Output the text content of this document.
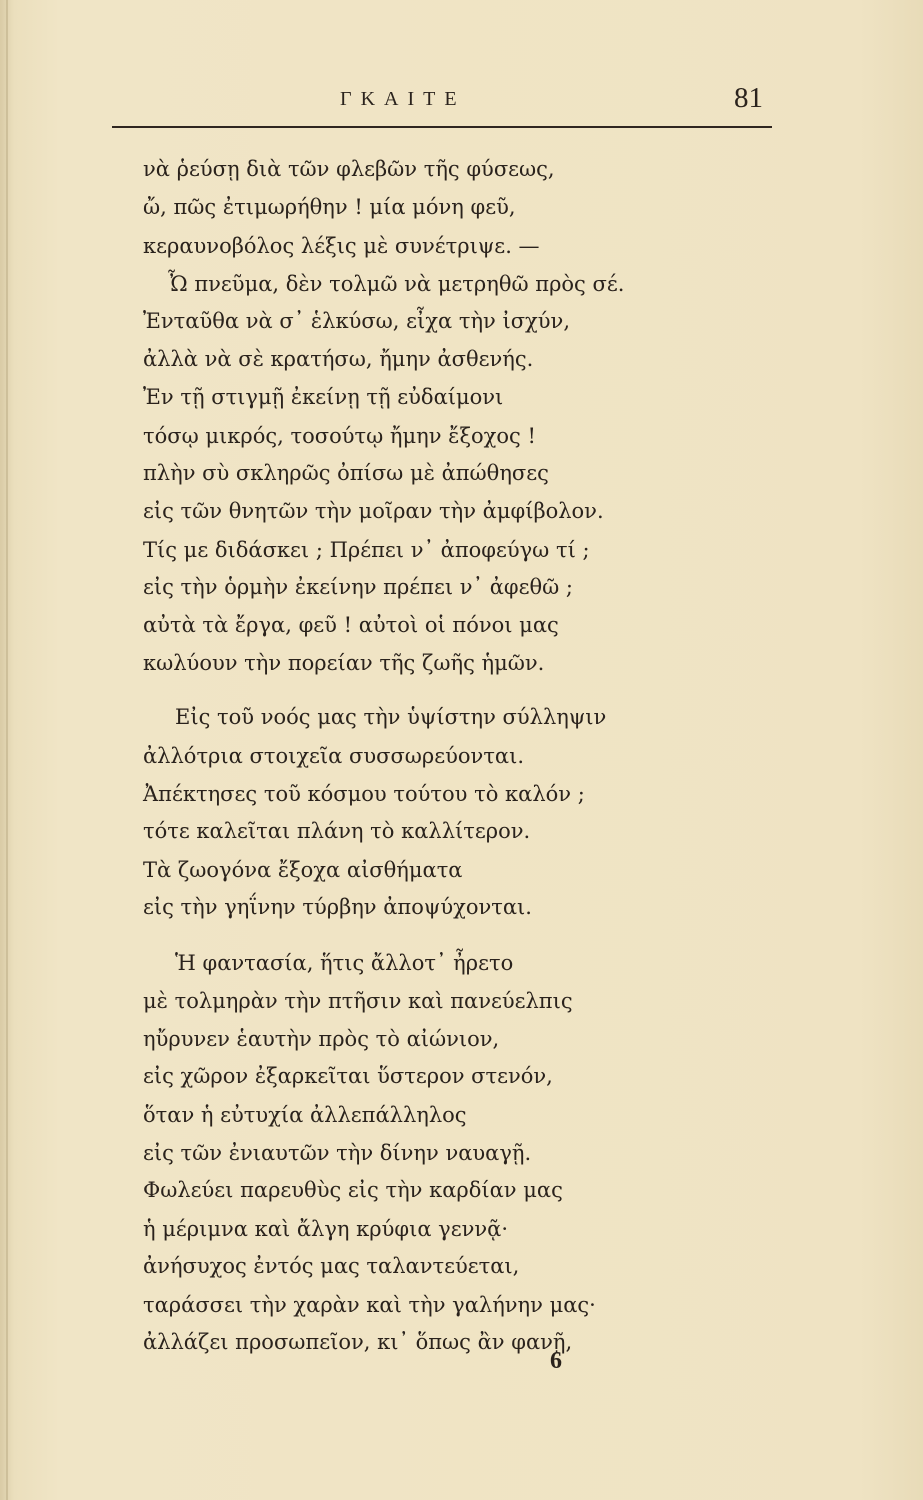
ΓΚΑΙΤΕ	81
νὰ ῥεύσῃ διὰ τῶν φλεβῶν τῆς φύσεως,
ὤ, πῶς ἐτιμωρήθην ! μία μόνη φεῦ,
κεραυνοβόλος λέξις μὲ συνέτριψε. —
Ὦ πνεῦμα, δὲν τολμῶ νὰ μετρηθῶ πρὸς σέ.
Ἐνταῦθα νὰ σ᾽ ἑλκύσω, εἶχα τὴν ἰσχύν,
ἀλλὰ νὰ σὲ κρατήσω, ἤμην ἀσθενής.
Ἐν τῇ στιγμῇ ἐκείνῃ τῇ εὐδαίμονι
τόσῳ μικρός, τοσούτῳ ἤμην ἔξοχος !
πλὴν σὺ σκληρῶς ὀπίσω μὲ ἀπώθησες
εἰς τῶν θνητῶν τὴν μοῖραν τὴν ἀμφίβολον.
Τίς με διδάσκει ; Πρέπει ν᾽ ἀποφεύγω τί ;
εἰς τὴν ὁρμὴν ἐκείνην πρέπει ν᾽ ἀφεθῶ ;
αὐτὰ τὰ ἔργα, φεῦ ! αὐτοὶ οἱ πόνοι μας
κωλύουν τὴν πορείαν τῆς ζωῆς ἡμῶν.
Εἰς τοῦ νοός μας τὴν ὑψίστην σύλληψιν
ἀλλότρια στοιχεῖα συσσωρεύονται.
Ἀπέκτησες τοῦ κόσμου τούτου τὸ καλόν ;
τότε καλεῖται πλάνη τὸ καλλίτερον.
Τὰ ζωογόνα ἔξοχα αἰσθήματα
εἰς τὴν γηΐνην τύρβην ἀποψύχονται.
Ἡ φαντασία, ἥτις ἄλλοτ᾽ ἦρετο
μὲ τολμηρὰν τὴν πτῆσιν καὶ πανεύελπις
ηὔρυνεν ἑαυτὴν πρὸς τὸ αἰώνιον,
εἰς χῶρον ἐξαρκεῖται ὕστερον στενόν,
ὅταν ἡ εὐτυχία ἀλλεπάλληλος
εἰς τῶν ἐνιαυτῶν τὴν δίνην ναυαγῇ.
Φωλεύει παρευθὺς εἰς τὴν καρδίαν μας
ἡ μέριμνα καὶ ἄλγη κρύφια γεννᾷ·
ἀνήσυχος ἐντός μας ταλαντεύεται,
ταράσσει τὴν χαρὰν καὶ τὴν γαλήνην μας·
ἀλλάζει προσωπεῖον, κι᾽ ὅπως ἂν φανῇ,
6
